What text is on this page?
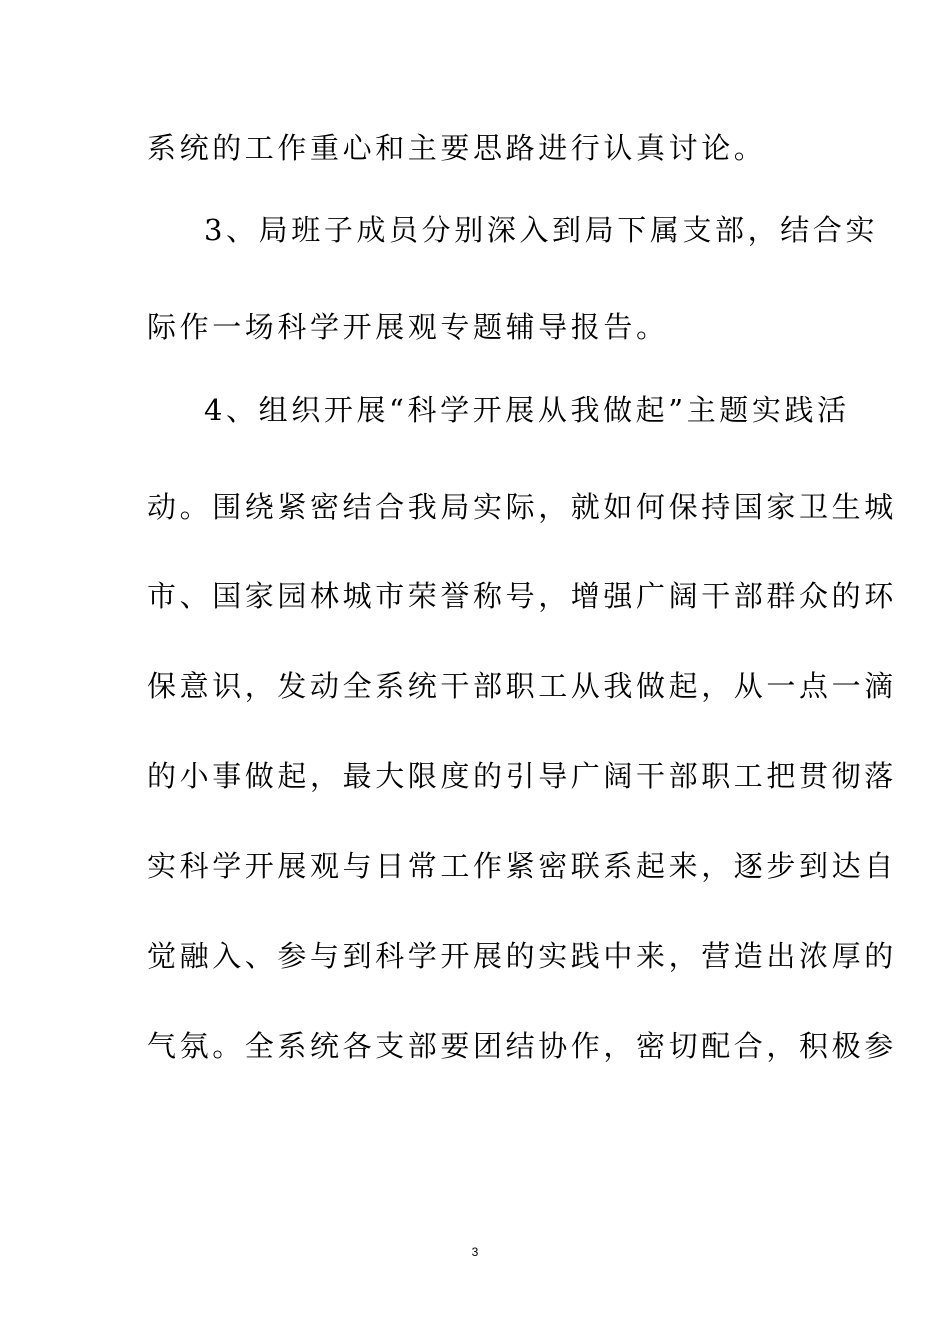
系统的工作重心和主要思路进行认真讨论。
3、局班子成员分别深入到局下属支部，结合实
际作一场科学开展观专题辅导报告。
4、组织开展“科学开展从我做起”主题实践活
动。围绕紧密结合我局实际，就如何保持国家卫生城
市、国家园林城市荣誉称号，增强广阔干部群众的环
保意识，发动全系统干部职工从我做起，从一点一滴
的小事做起，最大限度的引导广阔干部职工把贯彻落
实科学开展观与日常工作紧密联系起来，逐步到达自
觉融入、参与到科学开展的实践中来，营造出浓厚的
气氛。全系统各支部要团结协作，密切配合，积极参
3
